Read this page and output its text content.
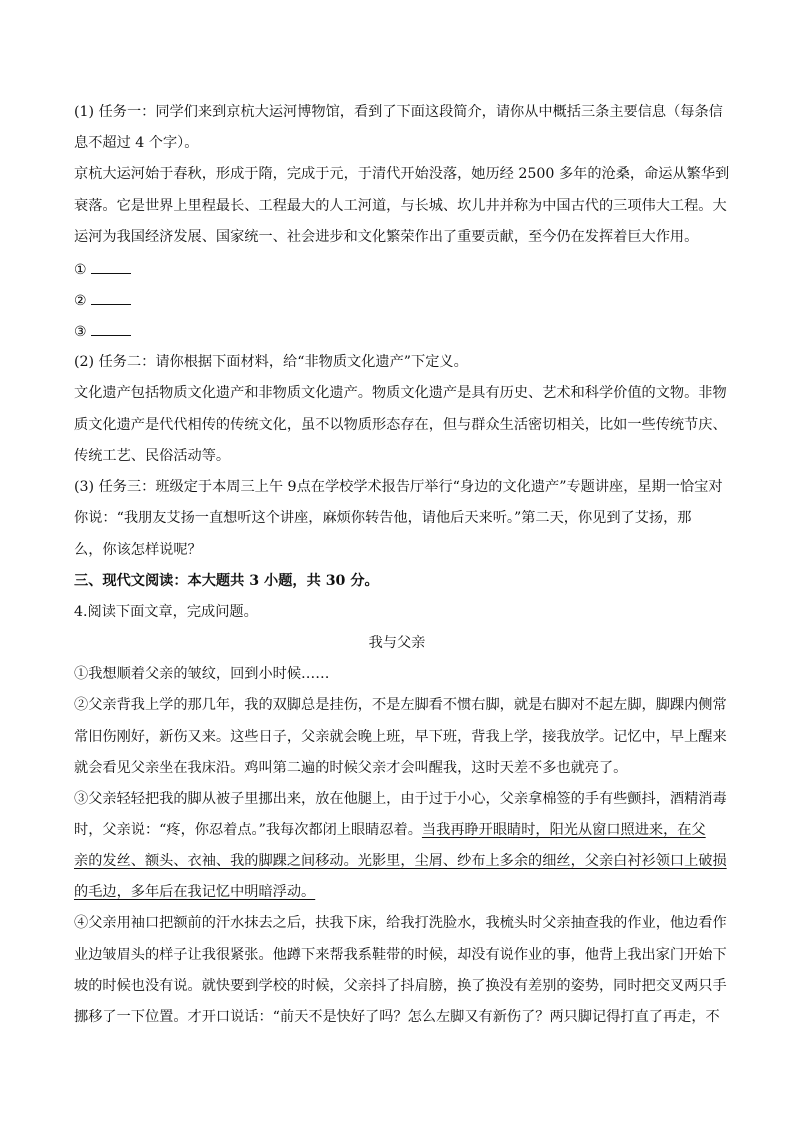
(1) 任务一：同学们来到京杭大运河博物馆，看到了下面这段简介，请你从中概括三条主要信息（每条信
息不超过 4 个字）。
京杭大运河始于春秋，形成于隋，完成于元，于清代开始没落，她历经 2500 多年的沧桑，命运从繁华到
衰落。它是世界上里程最长、工程最大的人工河道，与长城、坎儿井并称为中国古代的三项伟大工程。大
运河为我国经济发展、国家统一、社会进步和文化繁荣作出了重要贡献，至今仍在发挥着巨大作用。
①
②
③
(2) 任务二：请你根据下面材料，给“非物质文化遗产”下定义。
文化遗产包括物质文化遗产和非物质文化遗产。物质文化遗产是具有历史、艺术和科学价值的文物。非物
质文化遗产是代代相传的传统文化，虽不以物质形态存在，但与群众生活密切相关，比如一些传统节庆、
传统工艺、民俗活动等。
(3) 任务三：班级定于本周三上午 9点在学校学术报告厅举行“身边的文化遗产”专题讲座，星期一恰宝对
你说：“我朋友艾扬一直想听这个讲座，麻烦你转告他，请他后天来听。”第二天，你见到了艾扬，那
么，你该怎样说呢？
三、现代文阅读：本大题共 3 小题，共 30 分。
4.阅读下面文章，完成问题。
我与父亲
①我想顺着父亲的皱纹，回到小时候……
②父亲背我上学的那几年，我的双脚总是挂伤，不是左脚看不惯右脚，就是右脚对不起左脚，脚踝内侧常
常旧伤刚好，新伤又来。这些日子，父亲就会晚上班，早下班，背我上学，接我放学。记忆中，早上醒来
就会看见父亲坐在我床沿。鸡叫第二遍的时候父亲才会叫醒我，这时天差不多也就亮了。
③父亲轻轻把我的脚从被子里挪出来，放在他腿上，由于过于小心，父亲拿棉签的手有些颤抖，酒精消毒
时，父亲说：“疼，你忍着点。”我每次都闭上眼睛忍着。当我再睁开眼睛时，阳光从窗口照进来，在父
亲的发丝、额头、衣袖、我的脚踝之间移动。光影里，尘屑、纱布上多余的细丝，父亲白衬衫领口上破损
的毛边，多年后在我记忆中明暗浮动。
④父亲用袖口把额前的汗水抹去之后，扶我下床，给我打洗脸水，我梳头时父亲抽查我的作业，他边看作
业边皱眉头的样子让我很紧张。他蹲下来帮我系鞋带的时候，却没有说作业的事，他背上我出家门开始下
坡的时候也没有说。就快要到学校的时候，父亲抖了抖肩膀，换了换没有差别的姿势，同时把交叉两只手
挪移了一下位置。才开口说话：“前天不是快好了吗？怎么左脚又有新伤了？两只脚记得打直了再走，不
